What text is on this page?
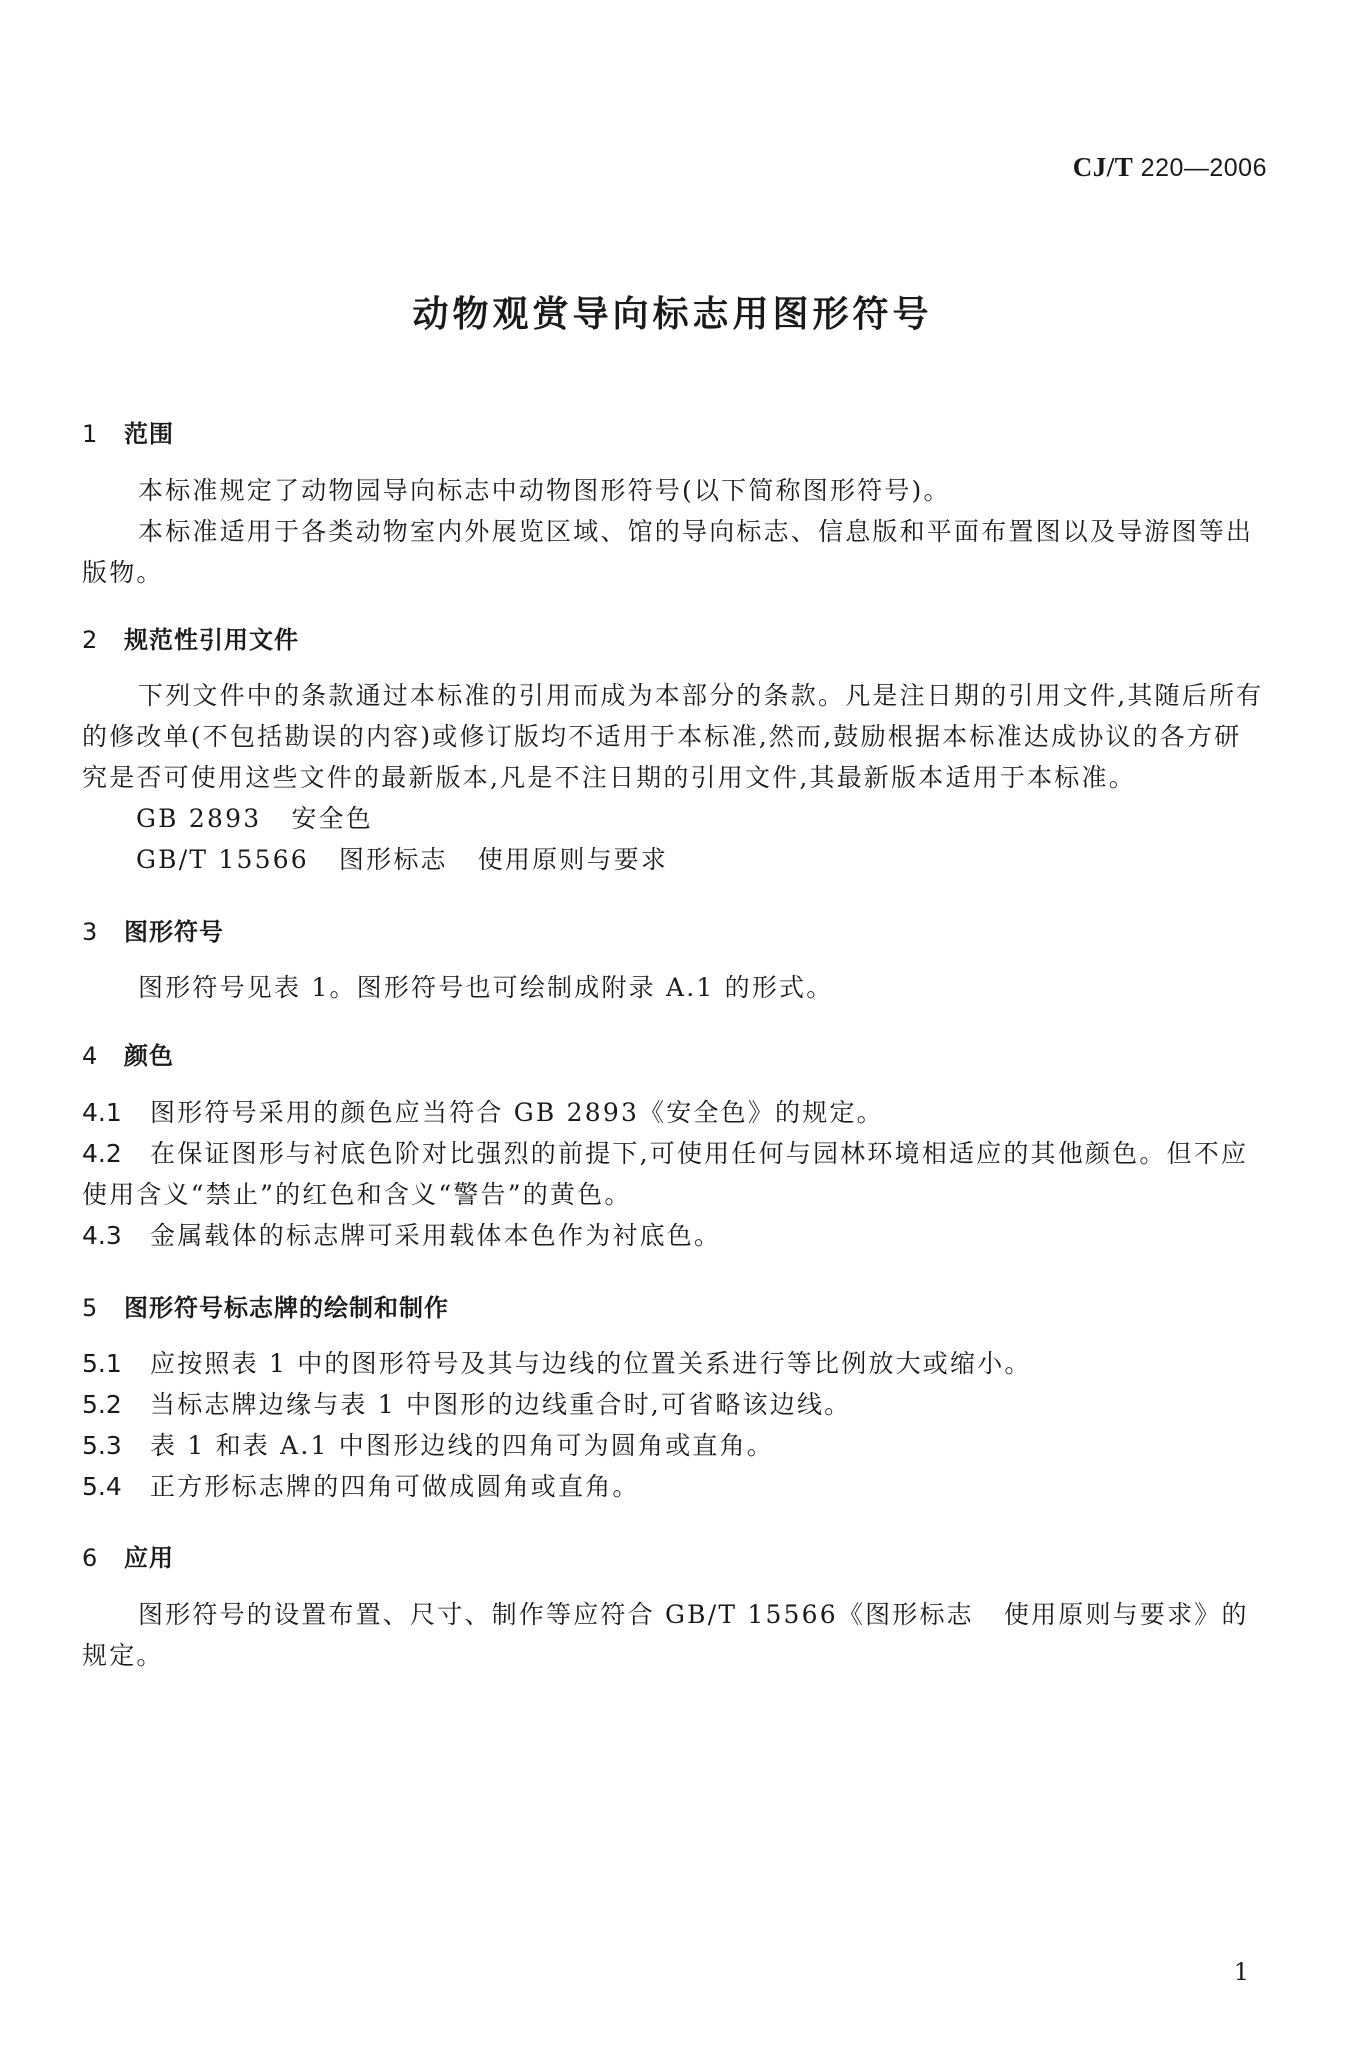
CJ/T 220—2006
动物观赏导向标志用图形符号
1 范围
本标准规定了动物园导向标志中动物图形符号(以下简称图形符号)。
本标准适用于各类动物室内外展览区域、馆的导向标志、信息版和平面布置图以及导游图等出版物。
2 规范性引用文件
下列文件中的条款通过本标准的引用而成为本部分的条款。凡是注日期的引用文件,其随后所有的修改单(不包括勘误的内容)或修订版均不适用于本标准,然而,鼓励根据本标准达成协议的各方研究是否可使用这些文件的最新版本,凡是不注日期的引用文件,其最新版本适用于本标准。
GB 2893 安全色
GB/T 15566 图形标志 使用原则与要求
3 图形符号
图形符号见表 1。图形符号也可绘制成附录 A.1 的形式。
4 颜色
4.1 图形符号采用的颜色应当符合 GB 2893《安全色》的规定。
4.2 在保证图形与衬底色阶对比强烈的前提下,可使用任何与园林环境相适应的其他颜色。但不应使用含义“禁止”的红色和含义“警告”的黄色。
4.3 金属载体的标志牌可采用载体本色作为衬底色。
5 图形符号标志牌的绘制和制作
5.1 应按照表 1 中的图形符号及其与边线的位置关系进行等比例放大或缩小。
5.2 当标志牌边缘与表 1 中图形的边线重合时,可省略该边线。
5.3 表 1 和表 A.1 中图形边线的四角可为圆角或直角。
5.4 正方形标志牌的四角可做成圆角或直角。
6 应用
图形符号的设置布置、尺寸、制作等应符合 GB/T 15566《图形标志 使用原则与要求》的规定。
1
